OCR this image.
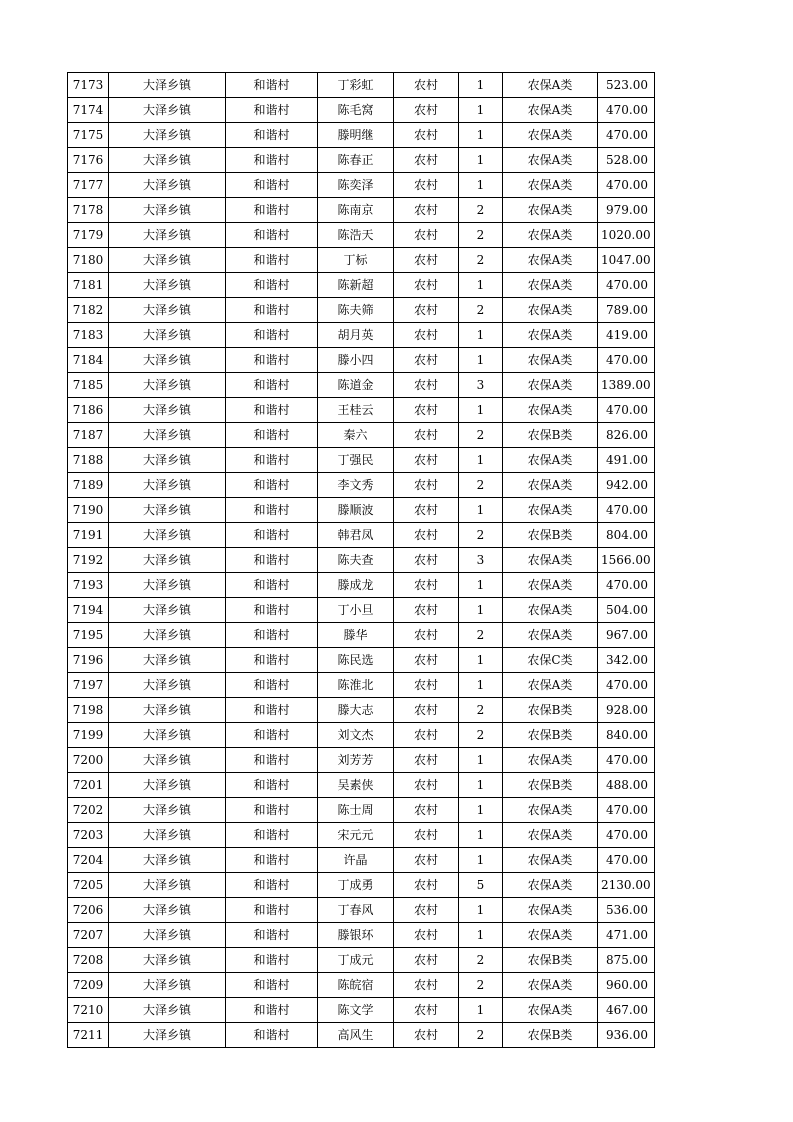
7173	大泽乡镇	和谐村	丁彩虹	农村	1	农保A类	523.00
7174	大泽乡镇	和谐村	陈毛窝	农村	1	农保A类	470.00
7175	大泽乡镇	和谐村	滕明继	农村	1	农保A类	470.00
7176	大泽乡镇	和谐村	陈春正	农村	1	农保A类	528.00
7177	大泽乡镇	和谐村	陈奕泽	农村	1	农保A类	470.00
7178	大泽乡镇	和谐村	陈南京	农村	2	农保A类	979.00
7179	大泽乡镇	和谐村	陈浩天	农村	2	农保A类	1020.00
7180	大泽乡镇	和谐村	丁标	农村	2	农保A类	1047.00
7181	大泽乡镇	和谐村	陈新超	农村	1	农保A类	470.00
7182	大泽乡镇	和谐村	陈夫筛	农村	2	农保A类	789.00
7183	大泽乡镇	和谐村	胡月英	农村	1	农保A类	419.00
7184	大泽乡镇	和谐村	滕小四	农村	1	农保A类	470.00
7185	大泽乡镇	和谐村	陈道金	农村	3	农保A类	1389.00
7186	大泽乡镇	和谐村	王桂云	农村	1	农保A类	470.00
7187	大泽乡镇	和谐村	秦六	农村	2	农保B类	826.00
7188	大泽乡镇	和谐村	丁强民	农村	1	农保A类	491.00
7189	大泽乡镇	和谐村	李文秀	农村	2	农保A类	942.00
7190	大泽乡镇	和谐村	滕顺波	农村	1	农保A类	470.00
7191	大泽乡镇	和谐村	韩君凤	农村	2	农保B类	804.00
7192	大泽乡镇	和谐村	陈夫查	农村	3	农保A类	1566.00
7193	大泽乡镇	和谐村	滕成龙	农村	1	农保A类	470.00
7194	大泽乡镇	和谐村	丁小旦	农村	1	农保A类	504.00
7195	大泽乡镇	和谐村	滕华	农村	2	农保A类	967.00
7196	大泽乡镇	和谐村	陈民选	农村	1	农保C类	342.00
7197	大泽乡镇	和谐村	陈淮北	农村	1	农保A类	470.00
7198	大泽乡镇	和谐村	滕大志	农村	2	农保B类	928.00
7199	大泽乡镇	和谐村	刘文杰	农村	2	农保B类	840.00
7200	大泽乡镇	和谐村	刘芳芳	农村	1	农保A类	470.00
7201	大泽乡镇	和谐村	吴素侠	农村	1	农保B类	488.00
7202	大泽乡镇	和谐村	陈士周	农村	1	农保A类	470.00
7203	大泽乡镇	和谐村	宋元元	农村	1	农保A类	470.00
7204	大泽乡镇	和谐村	许晶	农村	1	农保A类	470.00
7205	大泽乡镇	和谐村	丁成勇	农村	5	农保A类	2130.00
7206	大泽乡镇	和谐村	丁春风	农村	1	农保A类	536.00
7207	大泽乡镇	和谐村	滕银环	农村	1	农保A类	471.00
7208	大泽乡镇	和谐村	丁成元	农村	2	农保B类	875.00
7209	大泽乡镇	和谐村	陈皖宿	农村	2	农保A类	960.00
7210	大泽乡镇	和谐村	陈文学	农村	1	农保A类	467.00
7211	大泽乡镇	和谐村	高风生	农村	2	农保B类	936.00
